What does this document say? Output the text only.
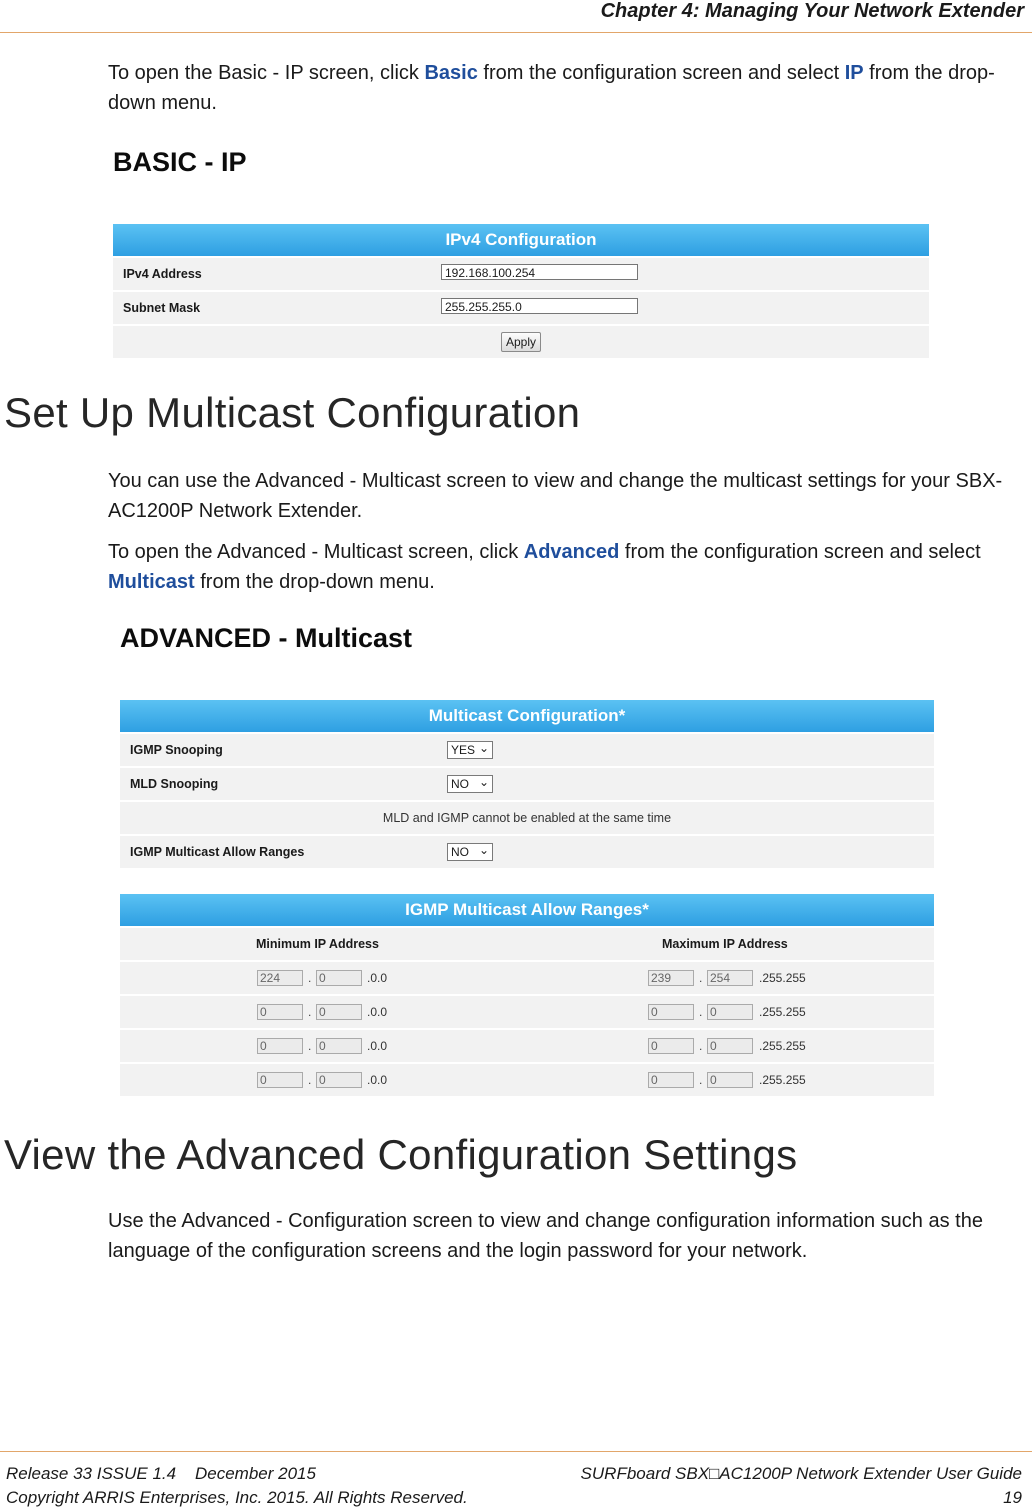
Chapter 4: Managing Your Network Extender
To open the Basic - IP screen, click Basic from the configuration screen and select IP from the drop-down menu.
BASIC - IP
IPv4 Configuration
IPv4 Address	192.168.100.254
Subnet Mask	255.255.255.0
Apply
Set Up Multicast Configuration
You can use the Advanced - Multicast screen to view and change the multicast settings for your SBX-AC1200P Network Extender.
To open the Advanced - Multicast screen, click Advanced from the configuration screen and select Multicast from the drop-down menu.
ADVANCED - Multicast
Multicast Configuration*
IGMP Snooping	YES ⌄
MLD Snooping	NO ⌄
MLD and IGMP cannot be enabled at the same time
IGMP Multicast Allow Ranges	NO ⌄
IGMP Multicast Allow Ranges*
Minimum IP Address	Maximum IP Address
224	. 0	.0.0	239	. 254	.255.255
0	. 0	.0.0	0	. 0	.255.255
0	. 0	.0.0	0	. 0	.255.255
0	. 0	.0.0	0	. 0	.255.255
View the Advanced Configuration Settings
Use the Advanced - Configuration screen to view and change configuration information such as the language of the configuration screens and the login password for your network.
Release 33 ISSUE 1.4    December 2015	SURFboard SBX□AC1200P Network Extender User Guide
Copyright ARRIS Enterprises, Inc. 2015. All Rights Reserved.	19
